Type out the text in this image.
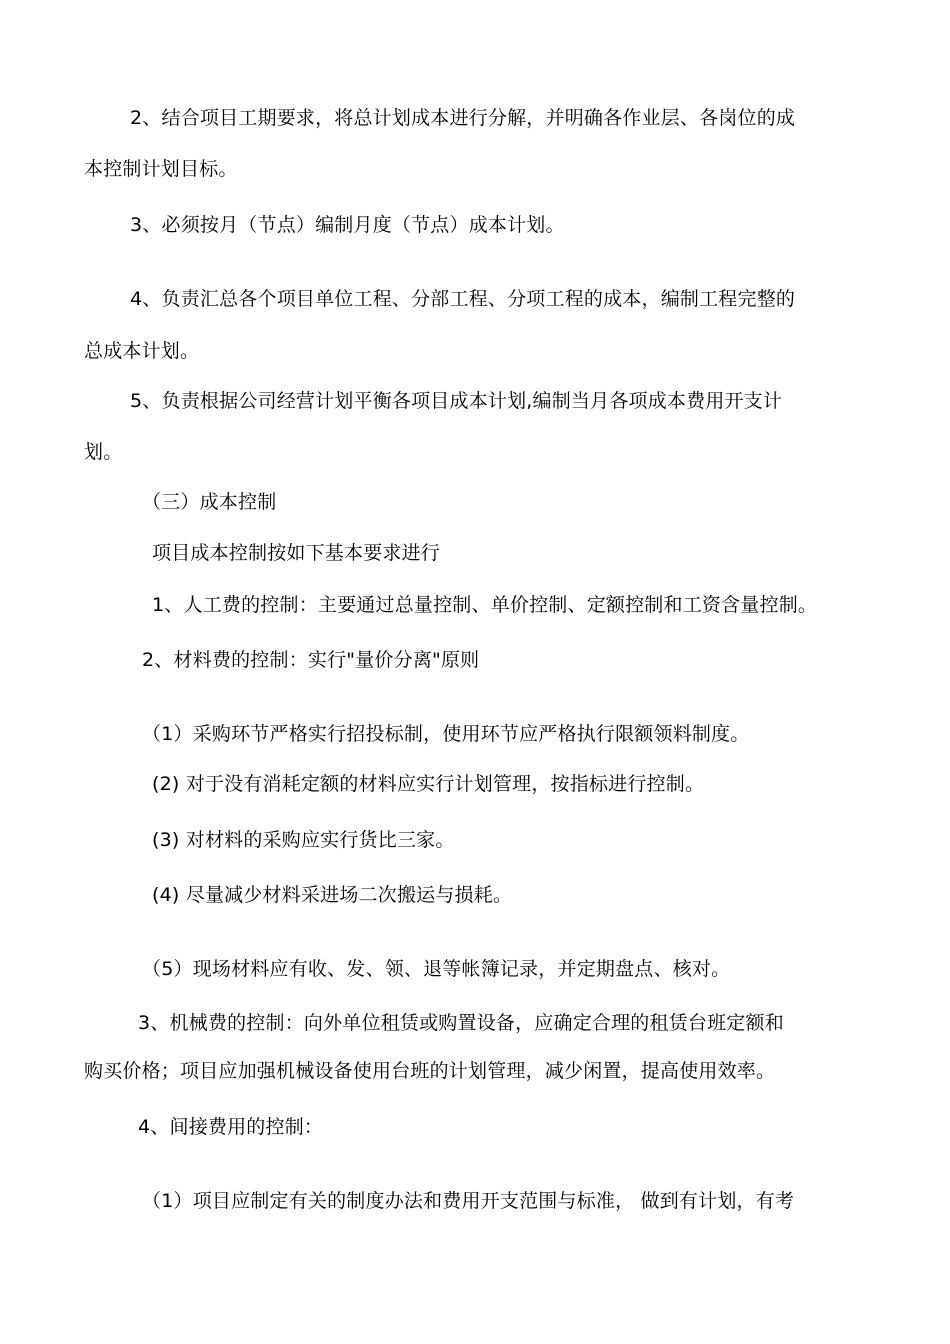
2、结合项目工期要求，将总计划成本进行分解，并明确各作业层、各岗位的成
本控制计划目标。
3、必须按月（节点）编制月度（节点）成本计划。
4、负责汇总各个项目单位工程、分部工程、分项工程的成本，编制工程完整的
总成本计划。
5、负责根据公司经营计划平衡各项目成本计划,编制当月各项成本费用开支计
划。
（三）成本控制
项目成本控制按如下基本要求进行
1、人工费的控制：主要通过总量控制、单价控制、定额控制和工资含量控制。
2、材料费的控制：实行"量价分离"原则
（1）采购环节严格实行招投标制，使用环节应严格执行限额领料制度。
(2) 对于没有消耗定额的材料应实行计划管理，按指标进行控制。
(3) 对材料的采购应实行货比三家。
(4) 尽量减少材料采进场二次搬运与损耗。
（5）现场材料应有收、发、领、退等帐簿记录，并定期盘点、核对。
3、机械费的控制：向外单位租赁或购置设备，应确定合理的租赁台班定额和
购买价格；项目应加强机械设备使用台班的计划管理，减少闲置，提高使用效率。
4、间接费用的控制：
（1）项目应制定有关的制度办法和费用开支范围与标准， 做到有计划，有考
